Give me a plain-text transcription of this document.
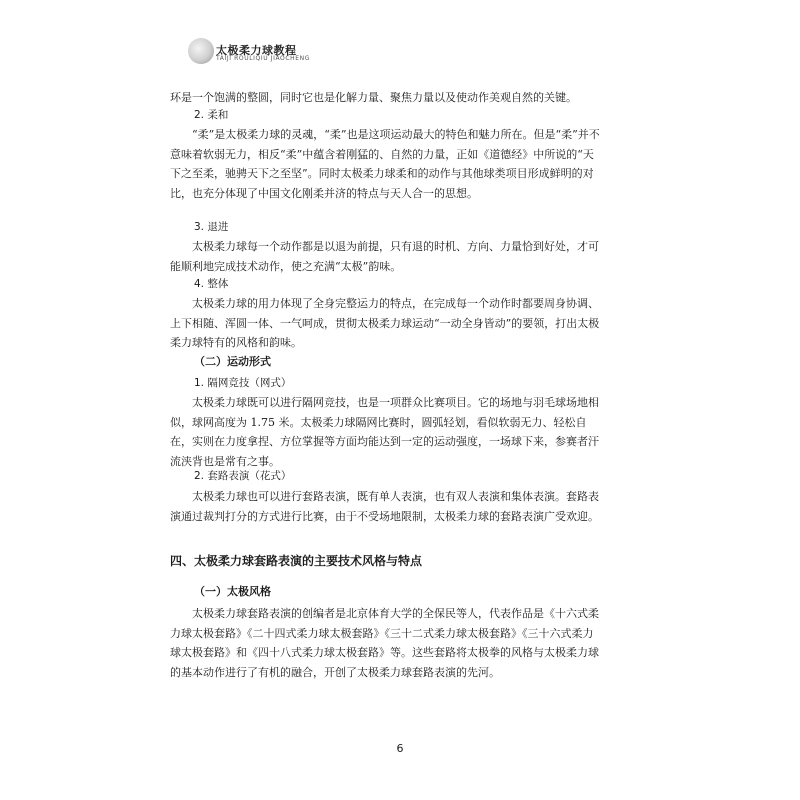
太极柔力球教程
TAIJI ROULIQIU JIAOCHENG

环是一个饱满的整圆，同时它也是化解力量、聚焦力量以及使动作美观自然的关键。

2. 柔和

“柔”是太极柔力球的灵魂，“柔”也是这项运动最大的特色和魅力所在。但是“柔”并不意味着软弱无力，相反“柔”中蕴含着刚猛的、自然的力量，正如《道德经》中所说的“天下之至柔，驰骋天下之至坚”。同时太极柔力球柔和的动作与其他球类项目形成鲜明的对比，也充分体现了中国文化刚柔并济的特点与天人合一的思想。

3. 退进

太极柔力球每一个动作都是以退为前提，只有退的时机、方向、力量恰到好处，才可能顺利地完成技术动作，使之充满“太极”韵味。

4. 整体

太极柔力球的用力体现了全身完整运力的特点，在完成每一个动作时都要周身协调、上下相随、浑圆一体、一气呵成，贯彻太极柔力球运动“一动全身皆动”的要领，打出太极柔力球特有的风格和韵味。

（二）运动形式

1. 隔网竞技（网式）

太极柔力球既可以进行隔网竞技，也是一项群众比赛项目。它的场地与羽毛球场地相似，球网高度为 1.75 米。太极柔力球隔网比赛时，圆弧轻划，看似软弱无力、轻松自在，实则在力度拿捏、方位掌握等方面均能达到一定的运动强度，一场球下来，参赛者汗流浃背也是常有之事。

2. 套路表演（花式）

太极柔力球也可以进行套路表演，既有单人表演，也有双人表演和集体表演。套路表演通过裁判打分的方式进行比赛，由于不受场地限制，太极柔力球的套路表演广受欢迎。

四、太极柔力球套路表演的主要技术风格与特点

（一）太极风格

太极柔力球套路表演的创编者是北京体育大学的全保民等人，代表作品是《十六式柔力球太极套路》《二十四式柔力球太极套路》《三十二式柔力球太极套路》《三十六式柔力球太极套路》和《四十八式柔力球太极套路》等。这些套路将太极拳的风格与太极柔力球的基本动作进行了有机的融合，开创了太极柔力球套路表演的先河。

6
